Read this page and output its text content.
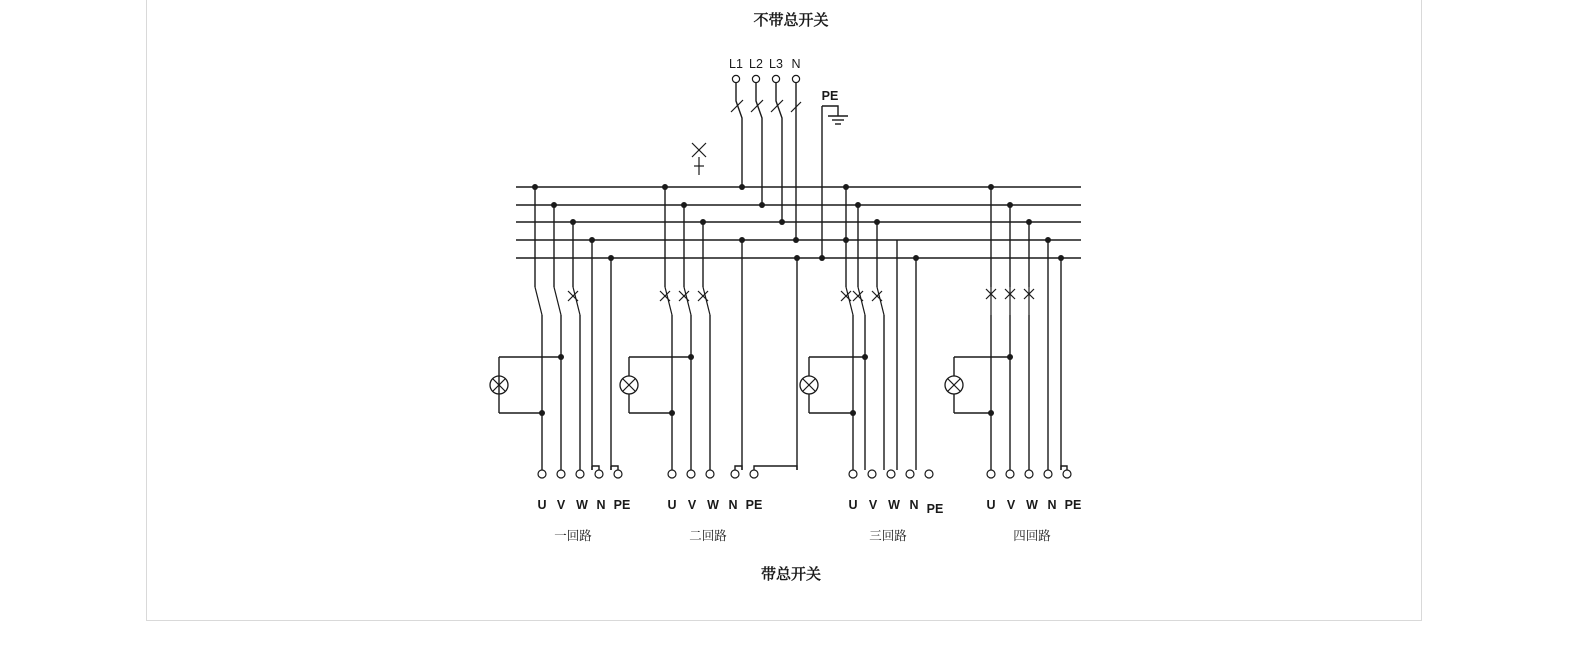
不带总开关
L1 L2 L3 N
PE
U V W N PE
一回路
U V W N PE
二回路
U V W N PE
三回路
U V W N PE
四回路
带总开关
